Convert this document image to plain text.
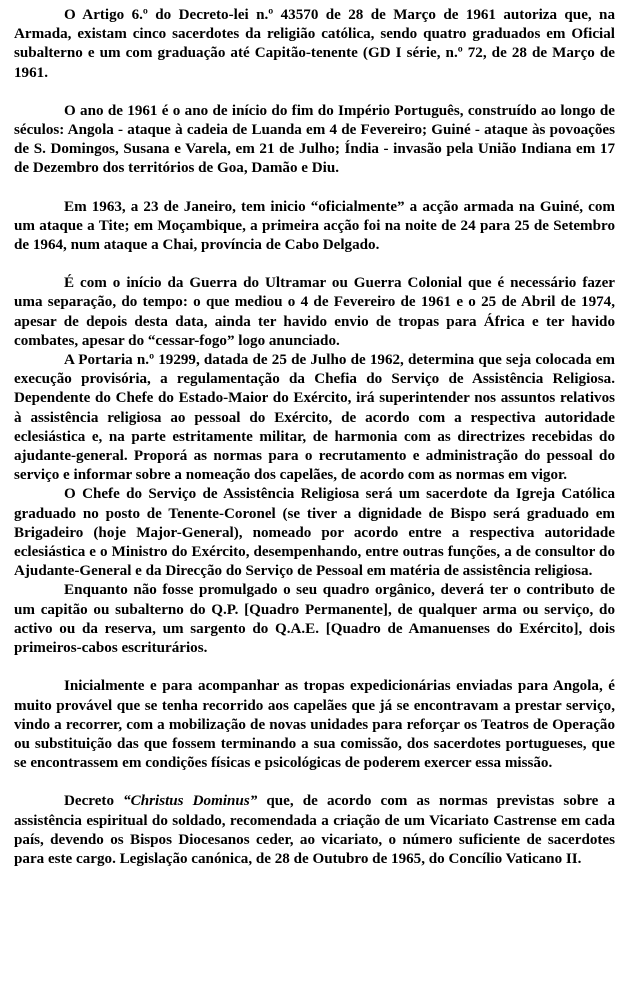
O Artigo 6.º do Decreto-lei n.º 43570 de 28 de Março de 1961 autoriza que, na Armada, existam cinco sacerdotes da religião católica, sendo quatro graduados em Oficial subalterno e um com graduação até Capitão-tenente (GD I série, n.º 72, de 28 de Março de 1961.

O ano de 1961 é o ano de início do fim do Império Português, construído ao longo de séculos: Angola - ataque à cadeia de Luanda em 4 de Fevereiro; Guiné - ataque às povoações de S. Domingos, Susana e Varela, em 21 de Julho; Índia - invasão pela União Indiana em 17 de Dezembro dos territórios de Goa, Damão e Diu.

Em 1963, a 23 de Janeiro, tem inicio “oficialmente” a acção armada na Guiné, com um ataque a Tite; em Moçambique, a primeira acção foi na noite de 24 para 25 de Setembro de 1964, num ataque a Chai, província de Cabo Delgado.

É com o início da Guerra do Ultramar ou Guerra Colonial que é necessário fazer uma separação, do tempo: o que mediou o 4 de Fevereiro de 1961 e o 25 de Abril de 1974, apesar de depois desta data, ainda ter havido envio de tropas para África e ter havido combates, apesar do “cessar-fogo” logo anunciado.

A Portaria n.º 19299, datada de 25 de Julho de 1962, determina que seja colocada em execução provisória, a regulamentação da Chefia do Serviço de Assistência Religiosa. Dependente do Chefe do Estado-Maior do Exército, irá superintender nos assuntos relativos à assistência religiosa ao pessoal do Exército, de acordo com a respectiva autoridade eclesiástica e, na parte estritamente militar, de harmonia com as directrizes recebidas do ajudante-general. Proporá as normas para o recrutamento e administração do pessoal do serviço e informar sobre a nomeação dos capelães, de acordo com as normas em vigor.

O Chefe do Serviço de Assistência Religiosa será um sacerdote da Igreja Católica graduado no posto de Tenente-Coronel (se tiver a dignidade de Bispo será graduado em Brigadeiro (hoje Major-General), nomeado por acordo entre a respectiva autoridade eclesiástica e o Ministro do Exército, desempenhando, entre outras funções, a de consultor do Ajudante-General e da Direcção do Serviço de Pessoal em matéria de assistência religiosa.

Enquanto não fosse promulgado o seu quadro orgânico, deverá ter o contributo de um capitão ou subalterno do Q.P. [Quadro Permanente], de qualquer arma ou serviço, do activo ou da reserva, um sargento do Q.A.E. [Quadro de Amanuenses do Exército], dois primeiros-cabos escriturários.

Inicialmente e para acompanhar as tropas expedicionárias enviadas para Angola, é muito provável que se tenha recorrido aos capelães que já se encontravam a prestar serviço, vindo a recorrer, com a mobilização de novas unidades para reforçar os Teatros de Operação ou substituição das que fossem terminando a sua comissão, dos sacerdotes portugueses, que se encontrassem em condições físicas e psicológicas de poderem exercer essa missão.

Decreto “Christus Dominus” que, de acordo com as normas previstas sobre a assistência espiritual do soldado, recomendada a criação de um Vicariato Castrense em cada país, devendo os Bispos Diocesanos ceder, ao vicariato, o número suficiente de sacerdotes para este cargo. Legislação canónica, de 28 de Outubro de 1965, do Concílio Vaticano II.
